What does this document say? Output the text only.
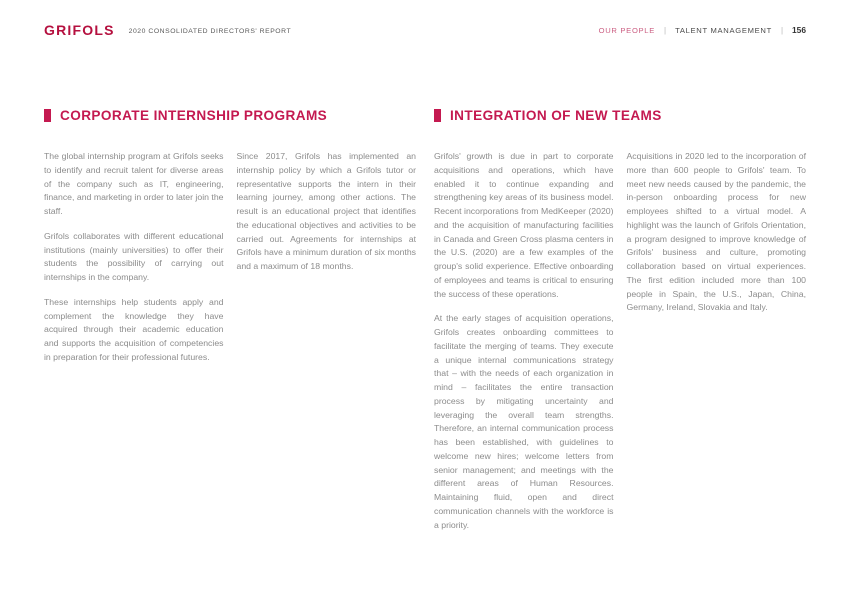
GRIFOLS 2020 CONSOLIDATED DIRECTORS' REPORT	OUR PEOPLE | TALENT MANAGEMENT | 156
CORPORATE INTERNSHIP PROGRAMS

The global internship program at Grifols seeks to identify and recruit talent for diverse areas of the company such as IT, engineering, finance, and marketing in order to later join the staff.

Grifols collaborates with different educational institutions (mainly universities) to offer their students the possibility of carrying out internships in the company.

These internships help students apply and complement the knowledge they have acquired through their academic education and supports the acquisition of competencies in preparation for their professional futures.

Since 2017, Grifols has implemented an internship policy by which a Grifols tutor or representative supports the intern in their learning journey, among other actions. The result is an educational project that identifies the educational objectives and activities to be carried out. Agreements for internships at Grifols have a minimum duration of six months and a maximum of 18 months.

INTEGRATION OF NEW TEAMS

Grifols' growth is due in part to corporate acquisitions and operations, which have enabled it to continue expanding and strengthening key areas of its business model. Recent incorporations from MedKeeper (2020) and the acquisition of manufacturing facilities in Canada and Green Cross plasma centers in the U.S. (2020) are a few examples of the group's solid experience. Effective onboarding of employees and teams is critical to ensuring the success of these operations.

At the early stages of acquisition operations, Grifols creates onboarding committees to facilitate the merging of teams. They execute a unique internal communications strategy that – with the needs of each organization in mind – facilitates the entire transaction process by mitigating uncertainty and leveraging the overall team strengths. Therefore, an internal communication process has been established, with guidelines to welcome new hires; welcome letters from senior management; and meetings with the different areas of Human Resources. Maintaining fluid, open and direct communication channels with the workforce is a priority.

Acquisitions in 2020 led to the incorporation of more than 600 people to Grifols' team. To meet new needs caused by the pandemic, the in-person onboarding process for new employees shifted to a virtual model. A highlight was the launch of Grifols Orientation, a program designed to improve knowledge of Grifols' business and culture, promoting collaboration based on virtual experiences. The first edition included more than 100 people in Spain, the U.S., Japan, China, Germany, Ireland, Slovakia and Italy.
